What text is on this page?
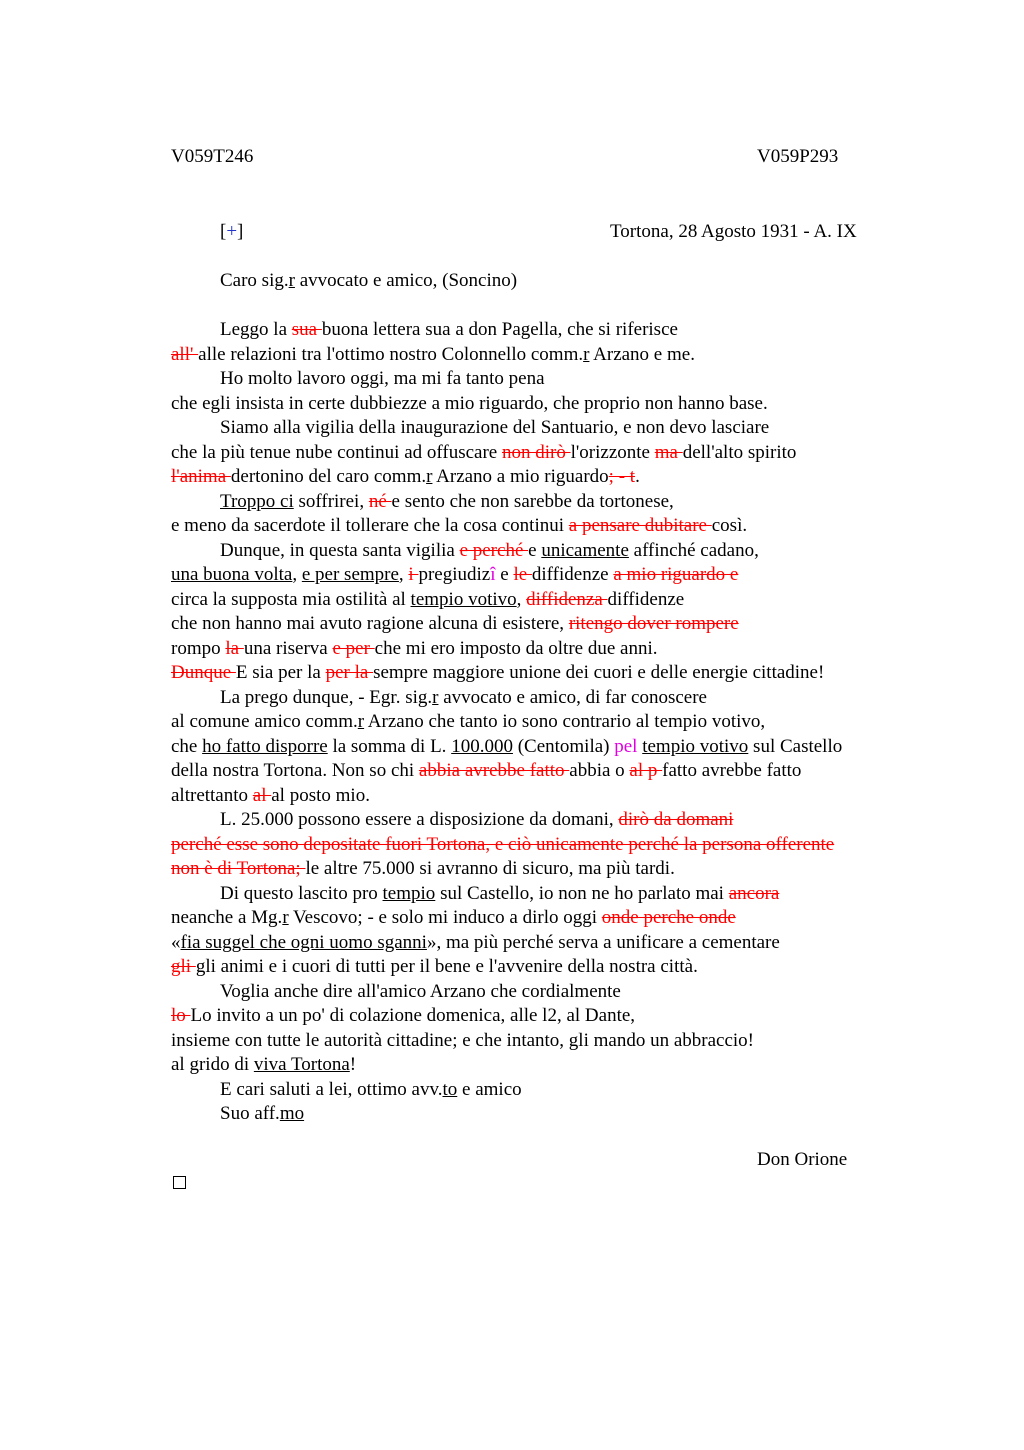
V059T246	V059P293
[+]	Tortona, 28 Agosto 1931 - A. IX
Caro sig.r avvocato e amico, (Soncino)
Leggo la sua buona lettera sua a don Pagella, che si riferisce
all' alle relazioni tra l'ottimo nostro Colonnello comm.r Arzano e me.
Ho molto lavoro oggi, ma mi fa tanto pena
che egli insista in certe dubbiezze a mio riguardo, che proprio non hanno base.
Siamo alla vigilia della inaugurazione del Santuario, e non devo lasciare
che la più tenue nube continui ad offuscare non dirò l'orizzonte ma dell'alto spirito
l'anima dertonino del caro comm.r Arzano a mio riguardo; - t.
Troppo ci soffrirei, né e sento che non sarebbe da tortonese,
e meno da sacerdote il tollerare che la cosa continui a pensare dubitare così.
Dunque, in questa santa vigilia e perché e unicamente affinché cadano,
una buona volta, e per sempre, i pregiudizî e le diffidenze a mio riguardo e
circa la supposta mia ostilità al tempio votivo, diffidenza diffidenze
che non hanno mai avuto ragione alcuna di esistere, ritengo dover rompere
rompo la una riserva e per che mi ero imposto da oltre due anni.
Dunque E sia per la per la sempre maggiore unione dei cuori e delle energie cittadine!
La prego dunque, - Egr. sig.r avvocato e amico, di far conoscere
al comune amico comm.r Arzano che tanto io sono contrario al tempio votivo,
che ho fatto disporre la somma di L. 100.000 (Centomila) pel tempio votivo sul Castello
della nostra Tortona. Non so chi abbia avrebbe fatto abbia o al p fatto avrebbe fatto
altrettanto al al posto mio.
L. 25.000 possono essere a disposizione da domani, dirò da domani
perché esse sono depositate fuori Tortona, e ciò unicamente perché la persona offerente
non è di Tortona; le altre 75.000 si avranno di sicuro, ma più tardi.
Di questo lascito pro tempio sul Castello, io non ne ho parlato mai ancora
neanche a Mg.r Vescovo; - e solo mi induco a dirlo oggi onde perche onde
«fia suggel che ogni uomo sganni», ma più perché serva a unificare a cementare
gli gli animi e i cuori di tutti per il bene e l'avvenire della nostra città.
Voglia anche dire all'amico Arzano che cordialmente
lo Lo invito a un po' di colazione domenica, alle l2, al Dante,
insieme con tutte le autorità cittadine; e che intanto, gli mando un abbraccio!
al grido di viva Tortona!
E cari saluti a lei, ottimo avv.to e amico
Suo aff.mo
Don Orione
